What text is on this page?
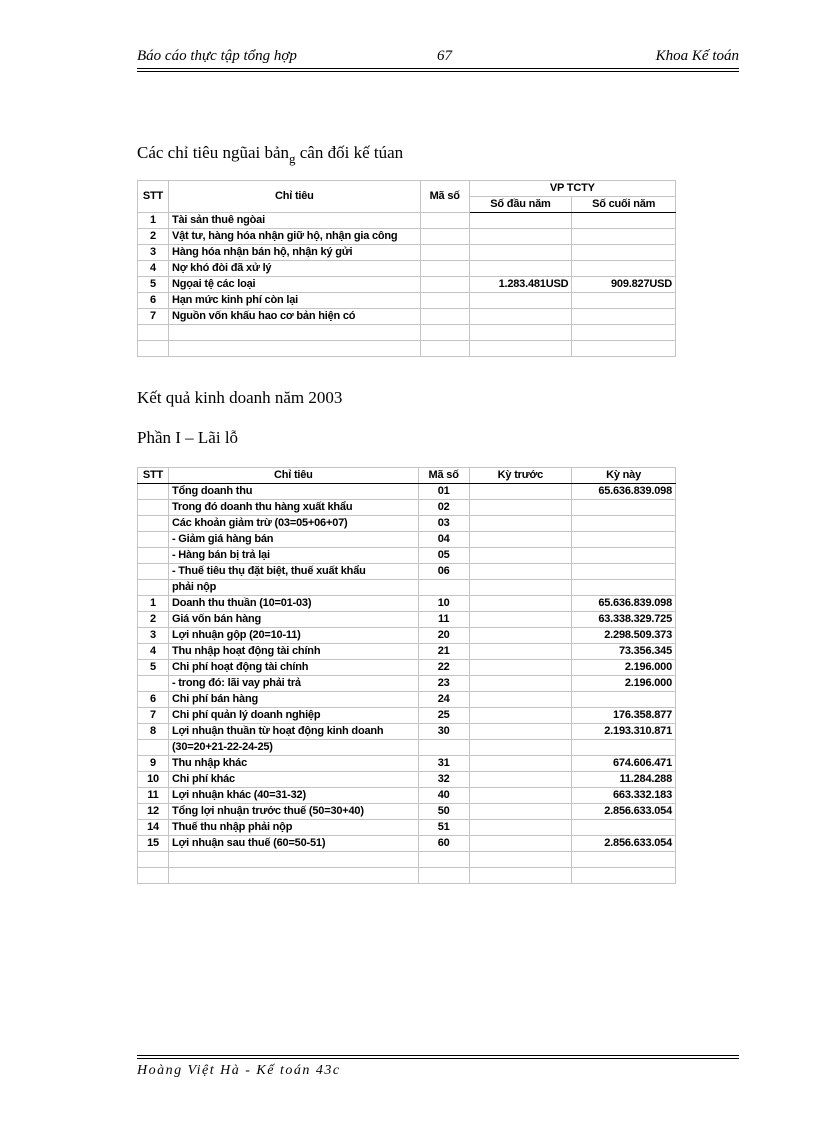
Báo cáo thực tập tổng hợp	67	Khoa Kế toán
Các chỉ tiêu ngũai bản$_g$ cân đối kế túan
STT	Chỉ tiêu	Mã số	VP TCTY	
			Số đầu năm	Số cuối năm
1	Tài sản thuê ngòai			
2	Vật tư, hàng hóa nhận giữ hộ, nhận gia công			
3	Hàng hóa nhận bán hộ, nhận ký gửi			
4	Nợ khó đòi đã xử lý			
5	Ngọai tệ các loại		1.283.481USD	909.827USD
6	Hạn mức kinh phí còn lại			
7	Nguồn vốn khấu hao cơ bản hiện có			

Kết quả kinh doanh năm 2003
Phần I – Lãi lỗ
STT	Chỉ tiêu	Mã số	Kỳ trước	Kỳ này
	Tổng doanh thu	01		65.636.839.098
	Trong đó doanh thu hàng xuất khẩu	02		
	Các khoản giảm trừ (03=05+06+07)	03		
	- Giảm giá hàng bán	04		
	- Hàng bán bị trả lại	05		
	- Thuế tiêu thụ đặt biệt, thuế xuất khẩu	06		
	phải nộp			
1	Doanh thu thuần (10=01-03)	10		65.636.839.098
2	Giá vốn bán hàng	11		63.338.329.725
3	Lợi nhuận gộp (20=10-11)	20		2.298.509.373
4	Thu nhập hoạt động tài chính	21		73.356.345
5	Chi phí hoạt động tài chính	22		2.196.000
	- trong đó: lãi vay phải trả	23		2.196.000
6	Chi phí bán hàng	24		
7	Chi phí quản lý doanh nghiệp	25		176.358.877
8	Lợi nhuận thuần từ hoạt động kinh doanh	30		2.193.310.871
	(30=20+21-22-24-25)			
9	Thu nhập khác	31		674.606.471
10	Chi phí khác	32		11.284.288
11	Lợi nhuận khác (40=31-32)	40		663.332.183
12	Tổng lợi nhuận trước thuế (50=30+40)	50		2.856.633.054
14	Thuế thu nhập phải nộp	51		
15	Lợi nhuận sau thuế (60=50-51)	60		2.856.633.054

Hoàng Việt Hà - Kế toán 43c
